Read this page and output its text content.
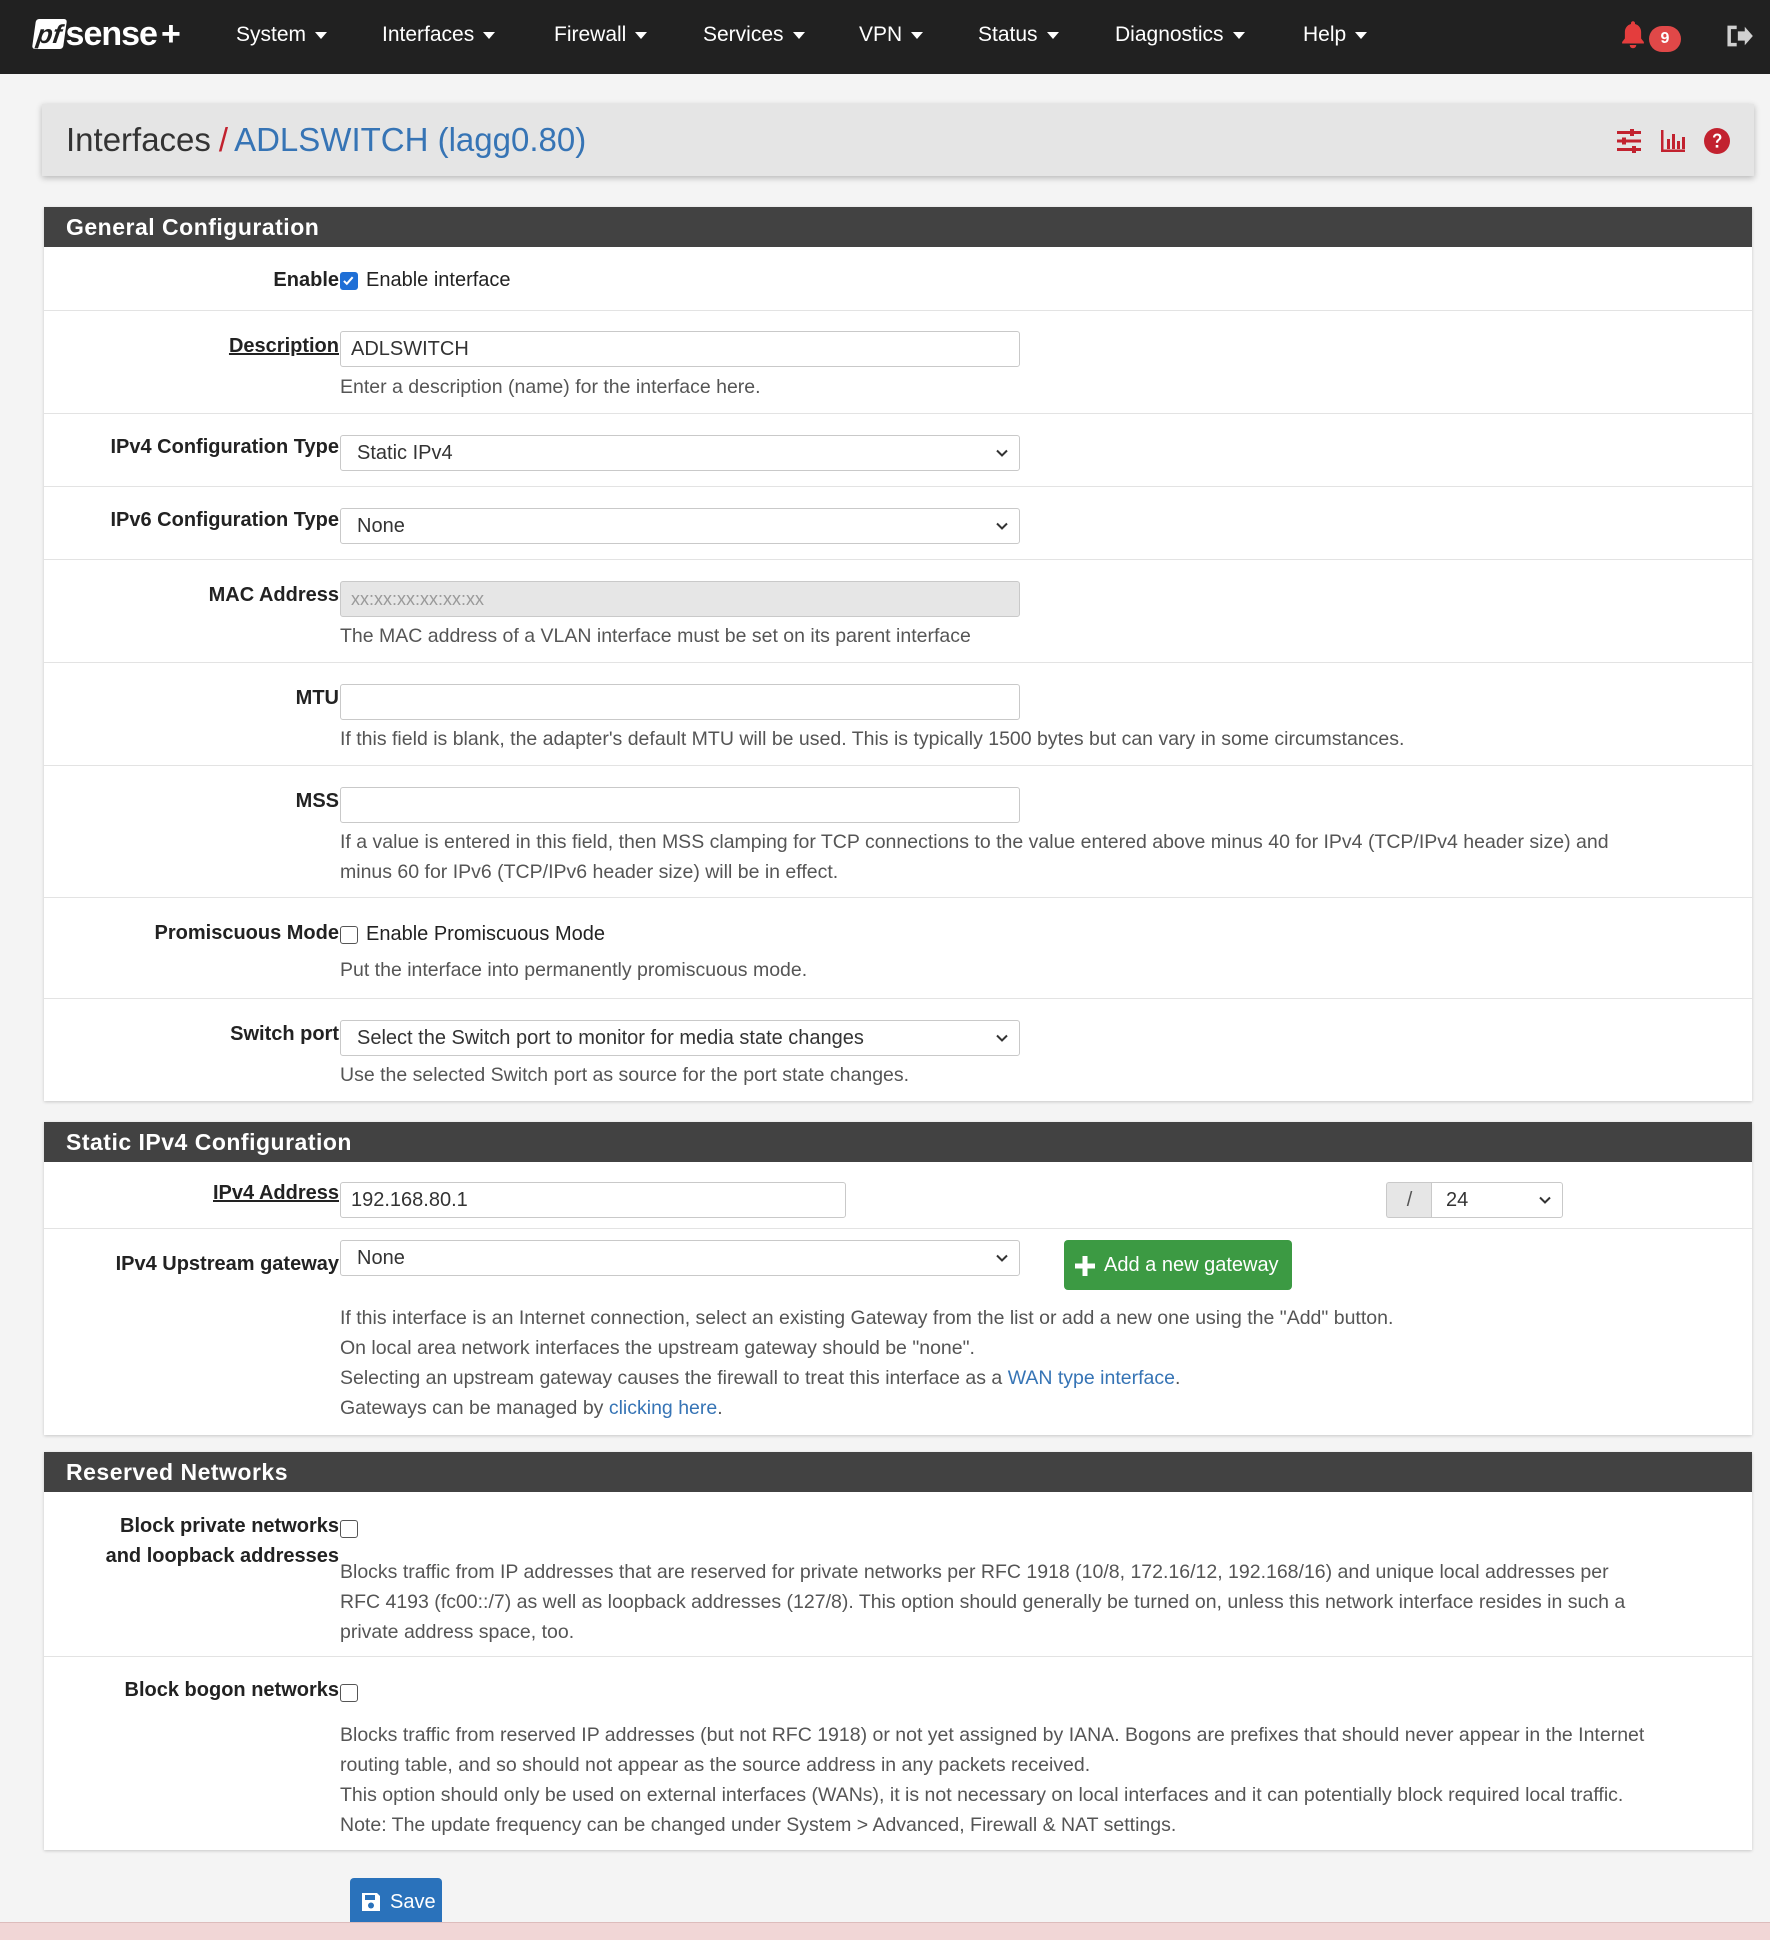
pf sense +	System	Interfaces	Firewall	Services	VPN	Status	Diagnostics	Help	9
Interfaces / ADLSWITCH (lagg0.80)
General Configuration
Enable	Enable interface
Description ADLSWITCH
Enter a description (name) for the interface here.
IPv4 Configuration Type Static IPv4
IPv6 Configuration Type None
MAC Address xx:xx:xx:xx:xx:xx
The MAC address of a VLAN interface must be set on its parent interface
MTU
If this field is blank, the adapter's default MTU will be used. This is typically 1500 bytes but can vary in some circumstances.
MSS
If a value is entered in this field, then MSS clamping for TCP connections to the value entered above minus 40 for IPv4 (TCP/IPv4 header size) and
minus 60 for IPv6 (TCP/IPv6 header size) will be in effect.
Promiscuous Mode	Enable Promiscuous Mode
Put the interface into permanently promiscuous mode.
Switch port Select the Switch port to monitor for media state changes
Use the selected Switch port as source for the port state changes.
Static IPv4 Configuration
IPv4 Address 192.168.80.1	/	24
IPv4 Upstream gateway None	Add a new gateway
If this interface is an Internet connection, select an existing Gateway from the list or add a new one using the "Add" button.
On local area network interfaces the upstream gateway should be "none".
Selecting an upstream gateway causes the firewall to treat this interface as a WAN type interface.
Gateways can be managed by clicking here.
Reserved Networks
Block private networks and loopback addresses
Blocks traffic from IP addresses that are reserved for private networks per RFC 1918 (10/8, 172.16/12, 192.168/16) and unique local addresses per
RFC 4193 (fc00::/7) as well as loopback addresses (127/8). This option should generally be turned on, unless this network interface resides in such a
private address space, too.
Block bogon networks
Blocks traffic from reserved IP addresses (but not RFC 1918) or not yet assigned by IANA. Bogons are prefixes that should never appear in the Internet
routing table, and so should not appear as the source address in any packets received.
This option should only be used on external interfaces (WANs), it is not necessary on local interfaces and it can potentially block required local traffic.
Note: The update frequency can be changed under System > Advanced, Firewall & NAT settings.
Save
